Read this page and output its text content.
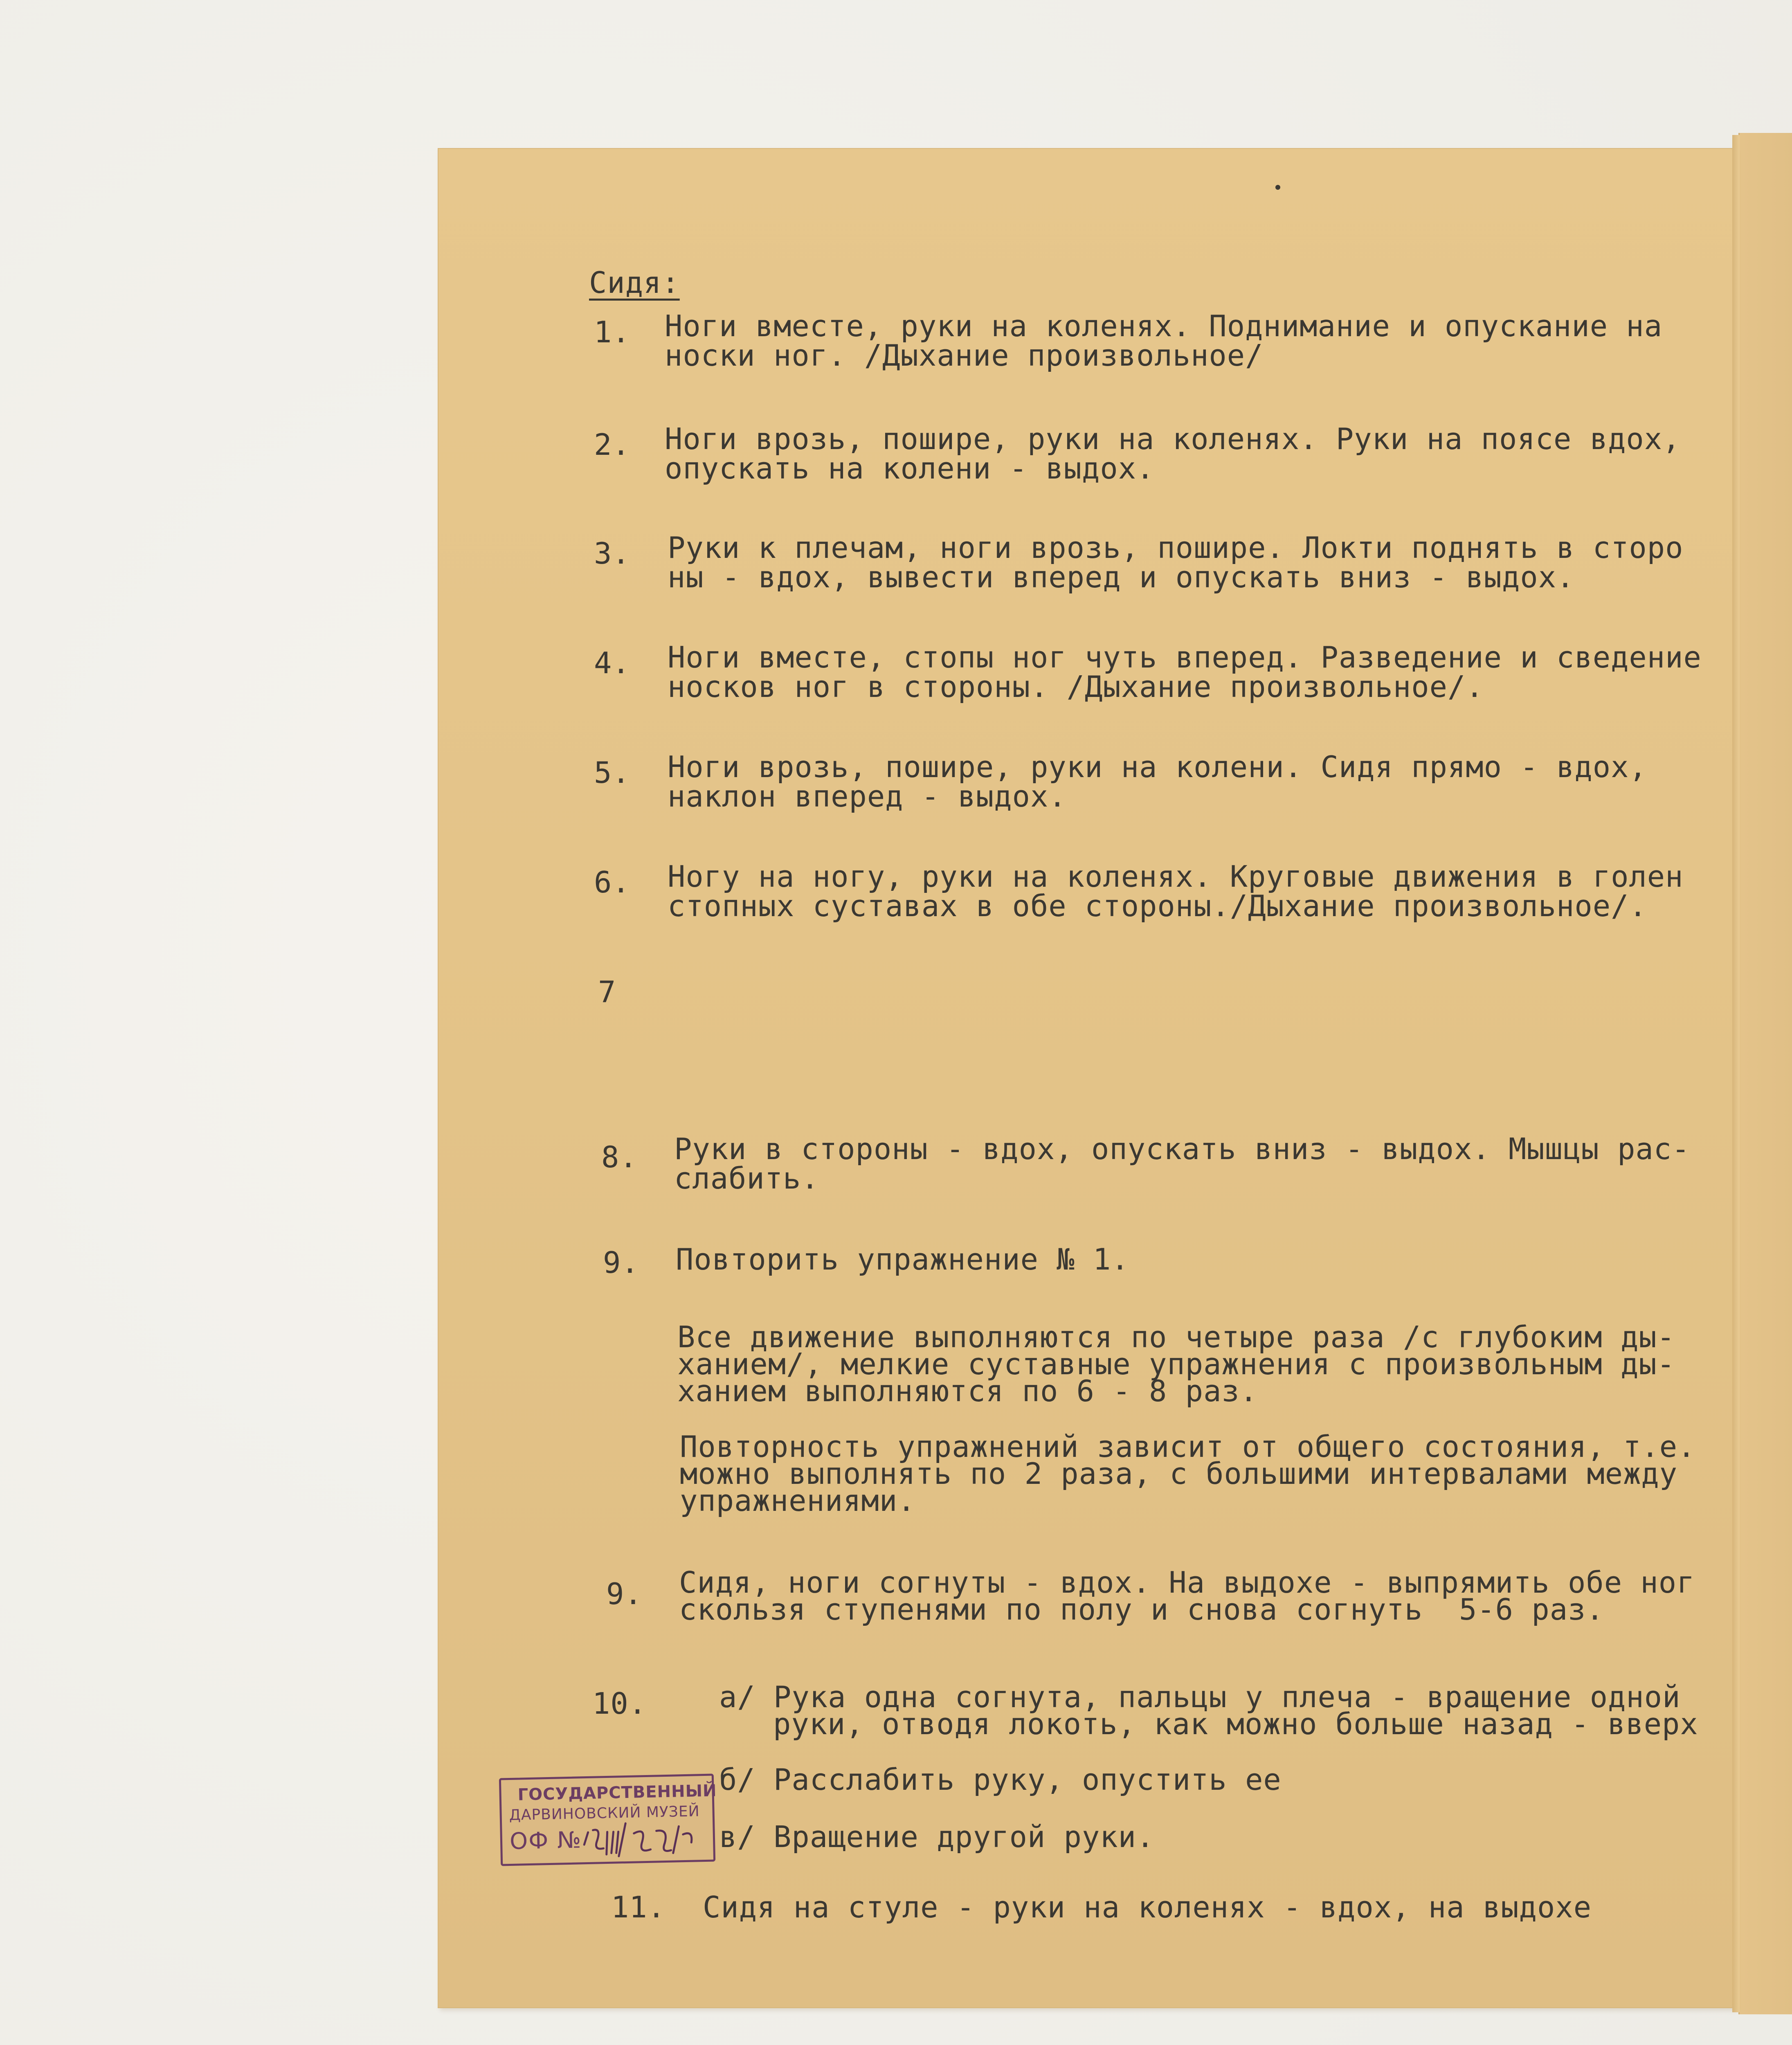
Сидя:
1. Ноги вместе, руки на коленях. Поднимание и опускание на
носки ног. /Дыхание произвольное/
2. Ноги врозь, пошире, руки на коленях. Руки на поясе вдох,
опускать на колени - выдох.
3. Руки к плечам, ноги врозь, пошире. Локти поднять в сторо
ны - вдох, вывести вперед и опускать вниз - выдох.
4. Ноги вместе, стопы ног чуть вперед. Разведение и сведение
носков ног в стороны. /Дыхание произвольное/.
5. Ноги врозь, пошире, руки на колени. Сидя прямо - вдох,
наклон вперед - выдох.
6. Ногу на ногу, руки на коленях. Круговые движения в голен
стопных суставах в обе стороны./Дыхание произвольное/.
7
8. Руки в стороны - вдох, опускать вниз - выдох. Мышцы рас-
слабить.
9. Повторить упражнение № 1.
Все движение выполняются по четыре раза /с глубоким ды-
ханием/, мелкие суставные упражнения с произвольным ды-
ханием выполняются по 6 - 8 раз.
Повторность упражнений зависит от общего состояния, т.е.
можно выполнять по 2 раза, с большими интервалами между
упражнениями.
9. Сидя, ноги согнуты - вдох. На выдохе - выпрямить обе ног
скользя ступенями по полу и снова согнуть  5-6 раз.
10. а/ Рука одна согнута, пальцы у плеча - вращение одной
руки, отводя локоть, как можно больше назад - вверх
б/ Расслабить руку, опустить ее
в/ Вращение другой руки.
11. Сидя на стуле - руки на коленях - вдох, на выдохе
ГОСУДАРСТВЕННЫЙ
ДАРВИНОВСКИЙ МУЗЕЙ
ОФ №
